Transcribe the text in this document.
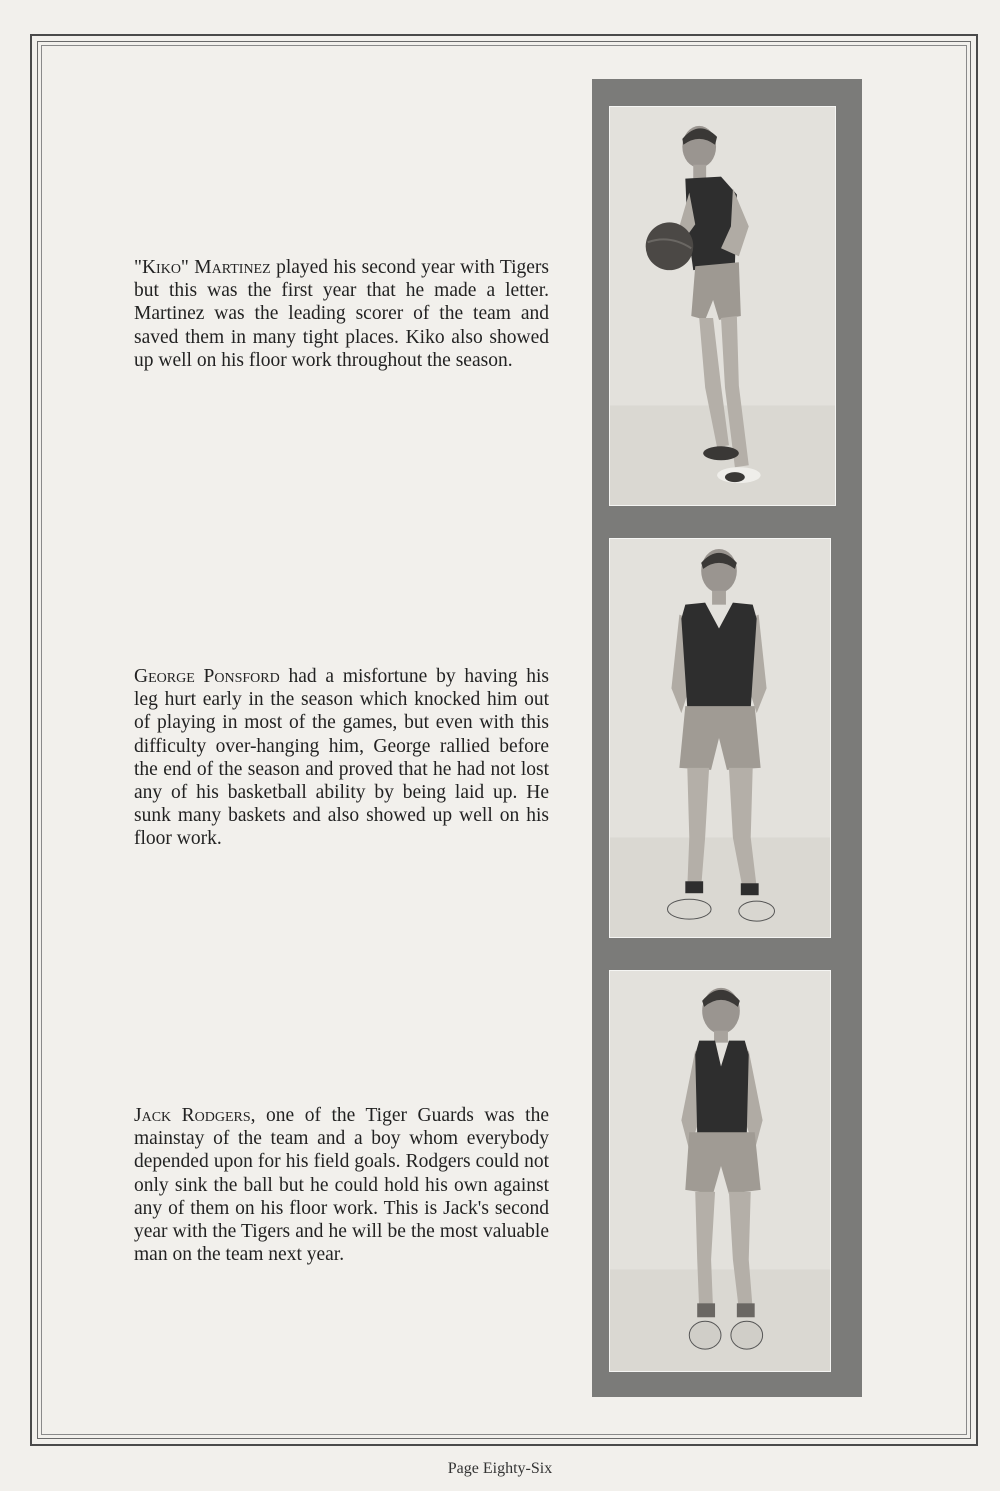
"Kiko" Martinez played his second year with Tigers but this was the first year that he made a letter. Martinez was the leading scorer of the team and saved them in many tight places. Kiko also showed up well on his floor work throughout the season.

George Ponsford had a misfortune by having his leg hurt early in the season which knocked him out of playing in most of the games, but even with this difficulty over-hanging him, George rallied before the end of the season and proved that he had not lost any of his basketball ability by being laid up. He sunk many baskets and also showed up well on his floor work.

Jack Rodgers, one of the Tiger Guards was the mainstay of the team and a boy whom everybody depended upon for his field goals. Rodgers could not only sink the ball but he could hold his own against any of them on his floor work. This is Jack's second year with the Tigers and he will be the most valuable man on the team next year.

Page Eighty-Six
